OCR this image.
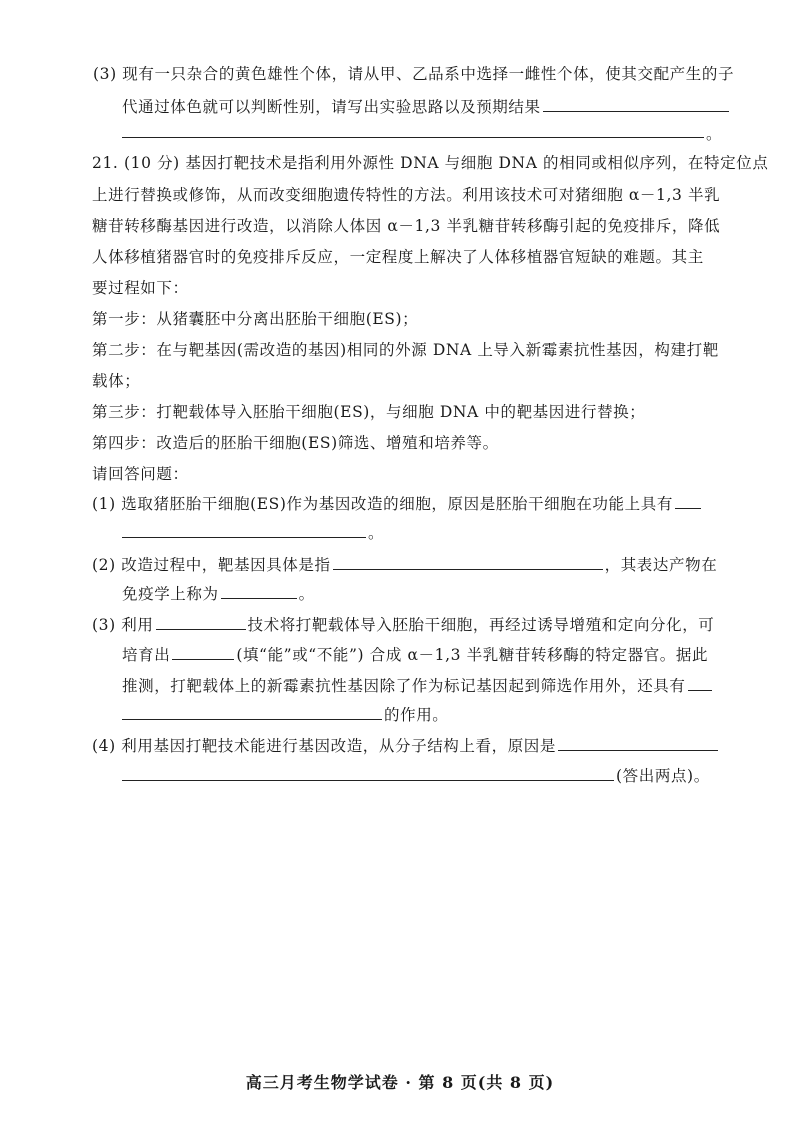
(3) 现有一只杂合的黄色雄性个体，请从甲、乙品系中选择一雌性个体，使其交配产生的子
代通过体色就可以判断性别，请写出实验思路以及预期结果
。
21. (10 分) 基因打靶技术是指利用外源性 DNA 与细胞 DNA 的相同或相似序列，在特定位点
上进行替换或修饰，从而改变细胞遗传特性的方法。利用该技术可对猪细胞 α－1,3 半乳
糖苷转移酶基因进行改造，以消除人体因 α－1,3 半乳糖苷转移酶引起的免疫排斥，降低
人体移植猪器官时的免疫排斥反应，一定程度上解决了人体移植器官短缺的难题。其主
要过程如下：
第一步：从猪囊胚中分离出胚胎干细胞(ES)；
第二步：在与靶基因(需改造的基因)相同的外源 DNA 上导入新霉素抗性基因，构建打靶
载体；
第三步：打靶载体导入胚胎干细胞(ES)，与细胞 DNA 中的靶基因进行替换；
第四步：改造后的胚胎干细胞(ES)筛选、增殖和培养等。
请回答问题：
(1) 选取猪胚胎干细胞(ES)作为基因改造的细胞，原因是胚胎干细胞在功能上具有
。
(2) 改造过程中，靶基因具体是指	，其表达产物在
免疫学上称为	。
(3) 利用	技术将打靶载体导入胚胎干细胞，再经过诱导增殖和定向分化，可
培育出	(填“能”或“不能”) 合成 α－1,3 半乳糖苷转移酶的特定器官。据此
推测，打靶载体上的新霉素抗性基因除了作为标记基因起到筛选作用外，还具有
的作用。
(4) 利用基因打靶技术能进行基因改造，从分子结构上看，原因是
(答出两点)。
高三月考生物学试卷 · 第 8 页(共 8 页)
